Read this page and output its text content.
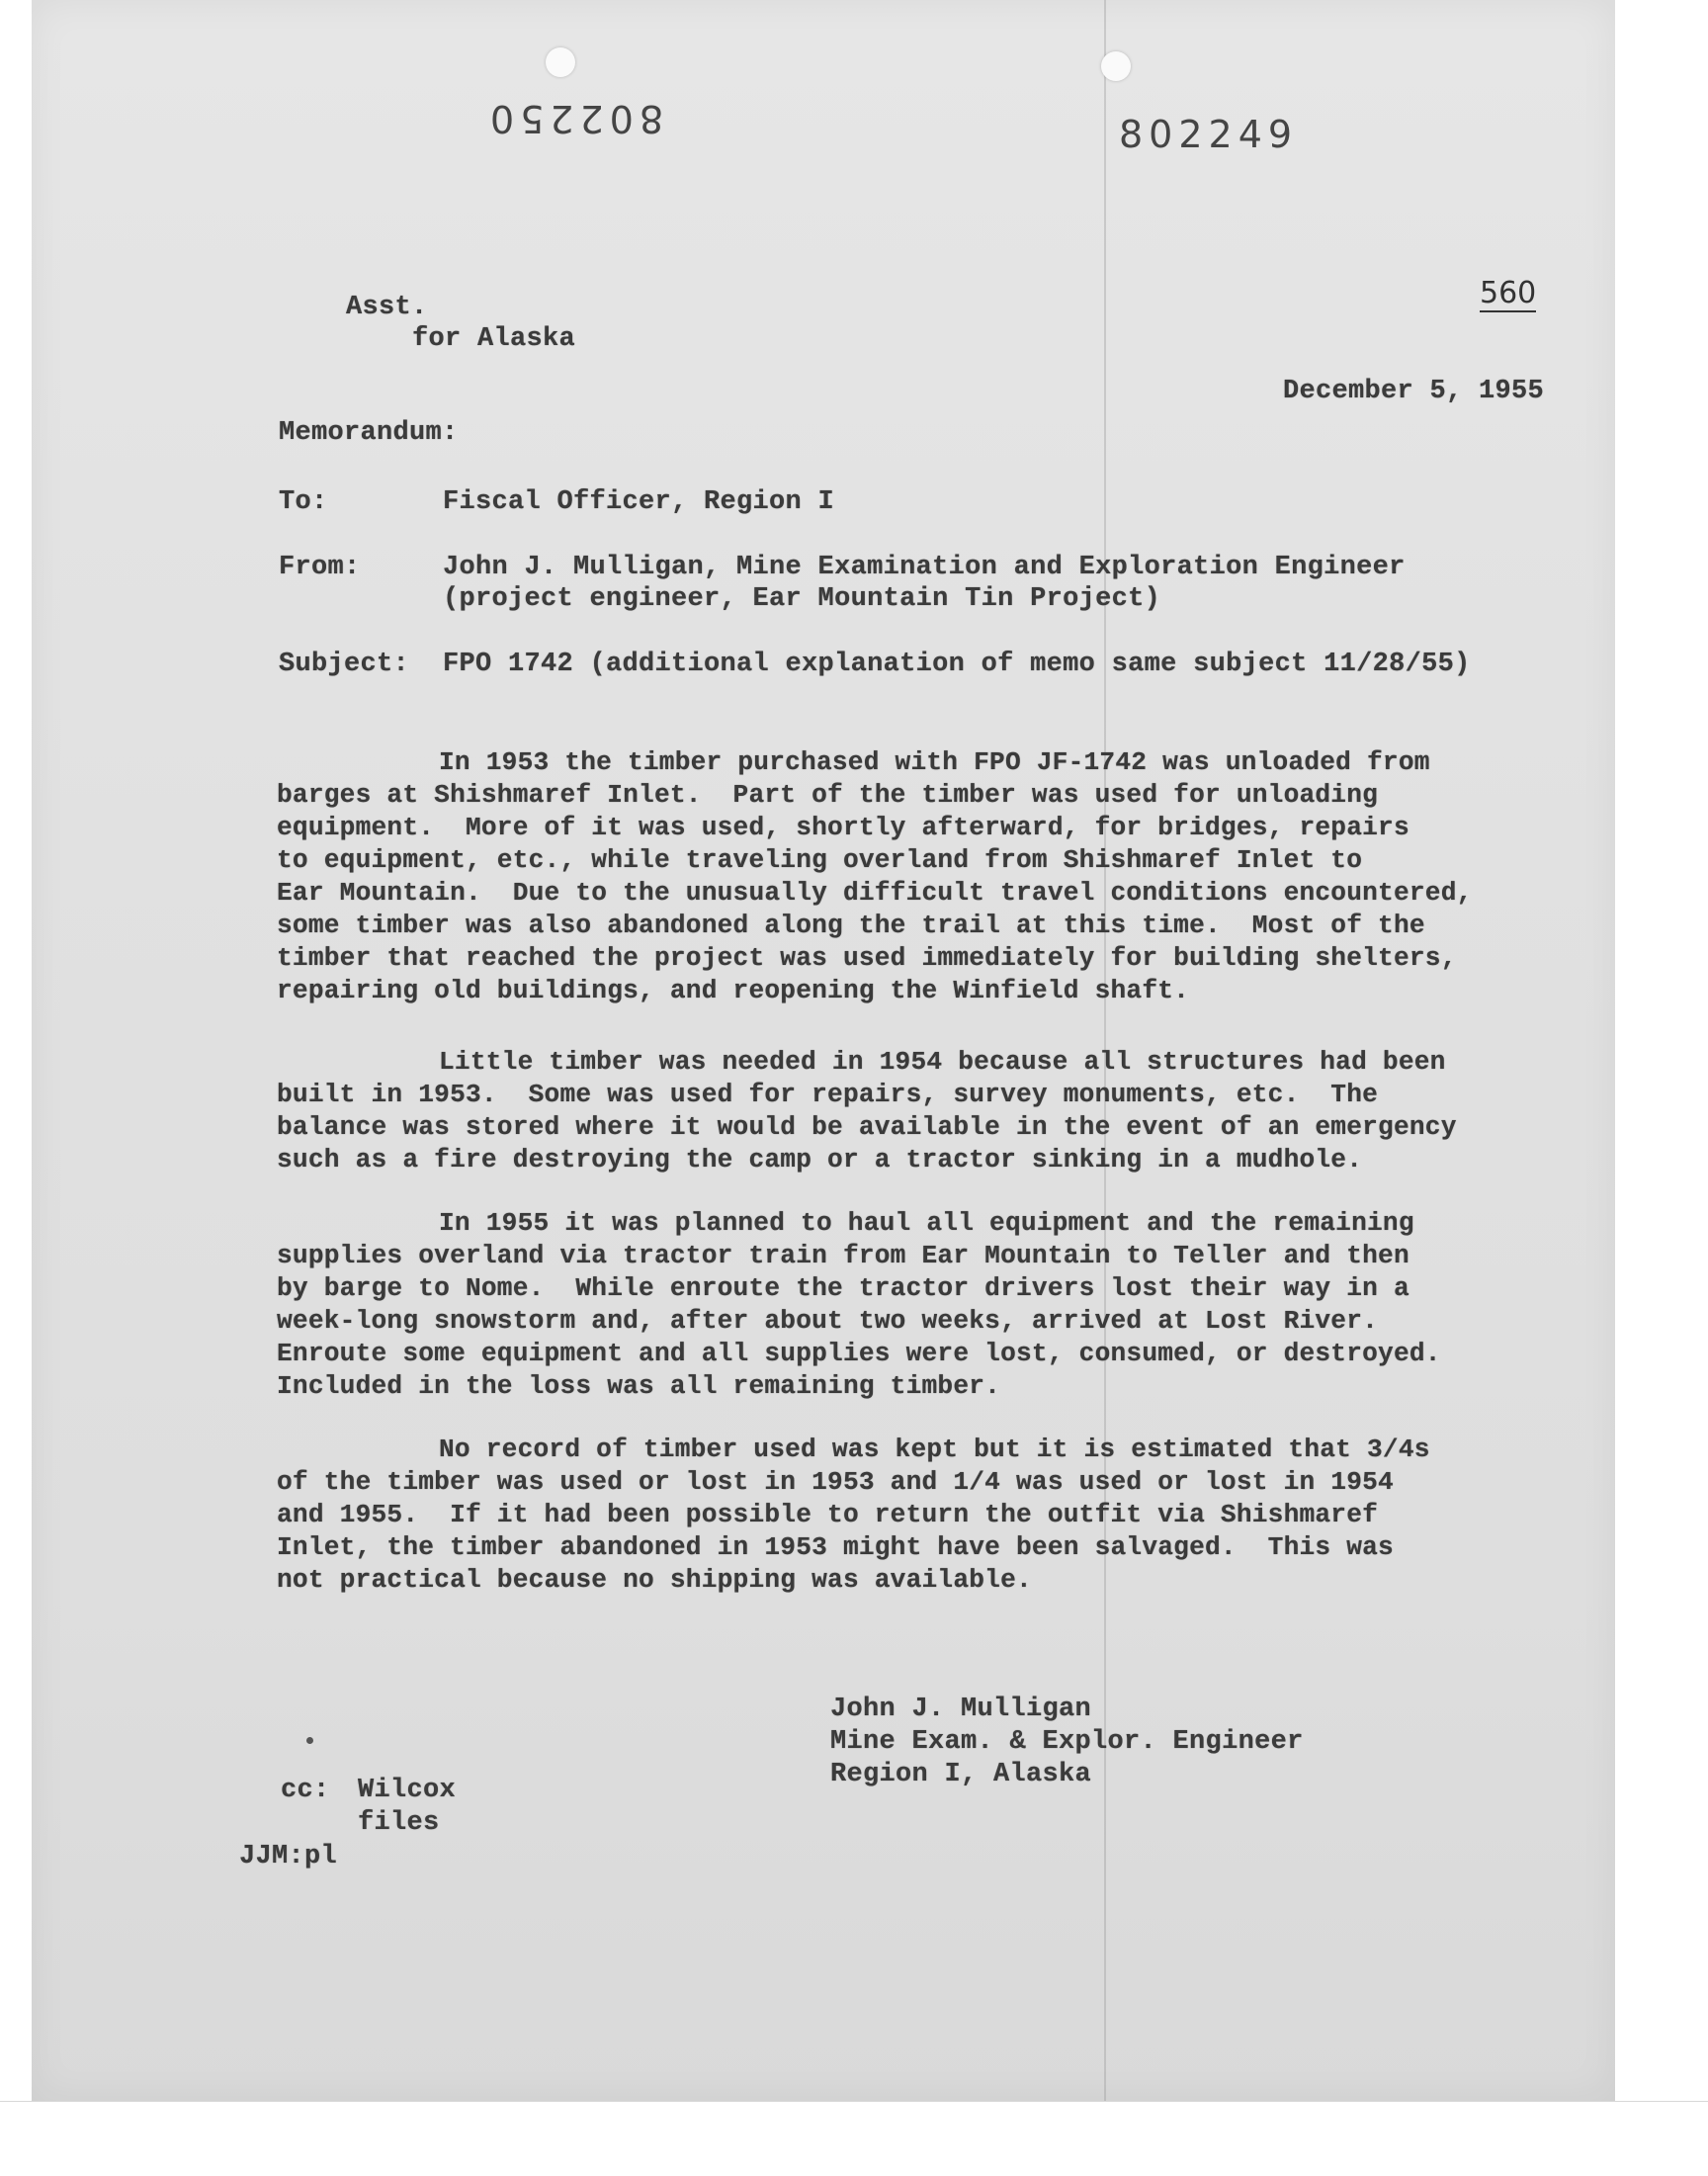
802250	802249
560
Asst.
for Alaska
December 5, 1955
Memorandum:
To:	Fiscal Officer, Region I
From:	John J. Mulligan, Mine Examination and Exploration Engineer
(project engineer, Ear Mountain Tin Project)
Subject: FPO 1742 (additional explanation of memo same subject 11/28/55)
In 1953 the timber purchased with FPO JF-1742 was unloaded from
barges at Shishmaref Inlet.  Part of the timber was used for unloading
equipment.  More of it was used, shortly afterward, for bridges, repairs
to equipment, etc., while traveling overland from Shishmaref Inlet to
Ear Mountain.  Due to the unusually difficult travel conditions encountered,
some timber was also abandoned along the trail at this time.  Most of the
timber that reached the project was used immediately for building shelters,
repairing old buildings, and reopening the Winfield shaft.
Little timber was needed in 1954 because all structures had been
built in 1953.  Some was used for repairs, survey monuments, etc.  The
balance was stored where it would be available in the event of an emergency
such as a fire destroying the camp or a tractor sinking in a mudhole.
In 1955 it was planned to haul all equipment and the remaining
supplies overland via tractor train from Ear Mountain to Teller and then
by barge to Nome.  While enroute the tractor drivers lost their way in a
week-long snowstorm and, after about two weeks, arrived at Lost River.
Enroute some equipment and all supplies were lost, consumed, or destroyed.
Included in the loss was all remaining timber.
No record of timber used was kept but it is estimated that 3/4s
of the timber was used or lost in 1953 and 1/4 was used or lost in 1954
and 1955.  If it had been possible to return the outfit via Shishmaref
Inlet, the timber abandoned in 1953 might have been salvaged.  This was
not practical because no shipping was available.
John J. Mulligan
Mine Exam. & Explor. Engineer
Region I, Alaska
cc: Wilcox
files
JJM:pl
